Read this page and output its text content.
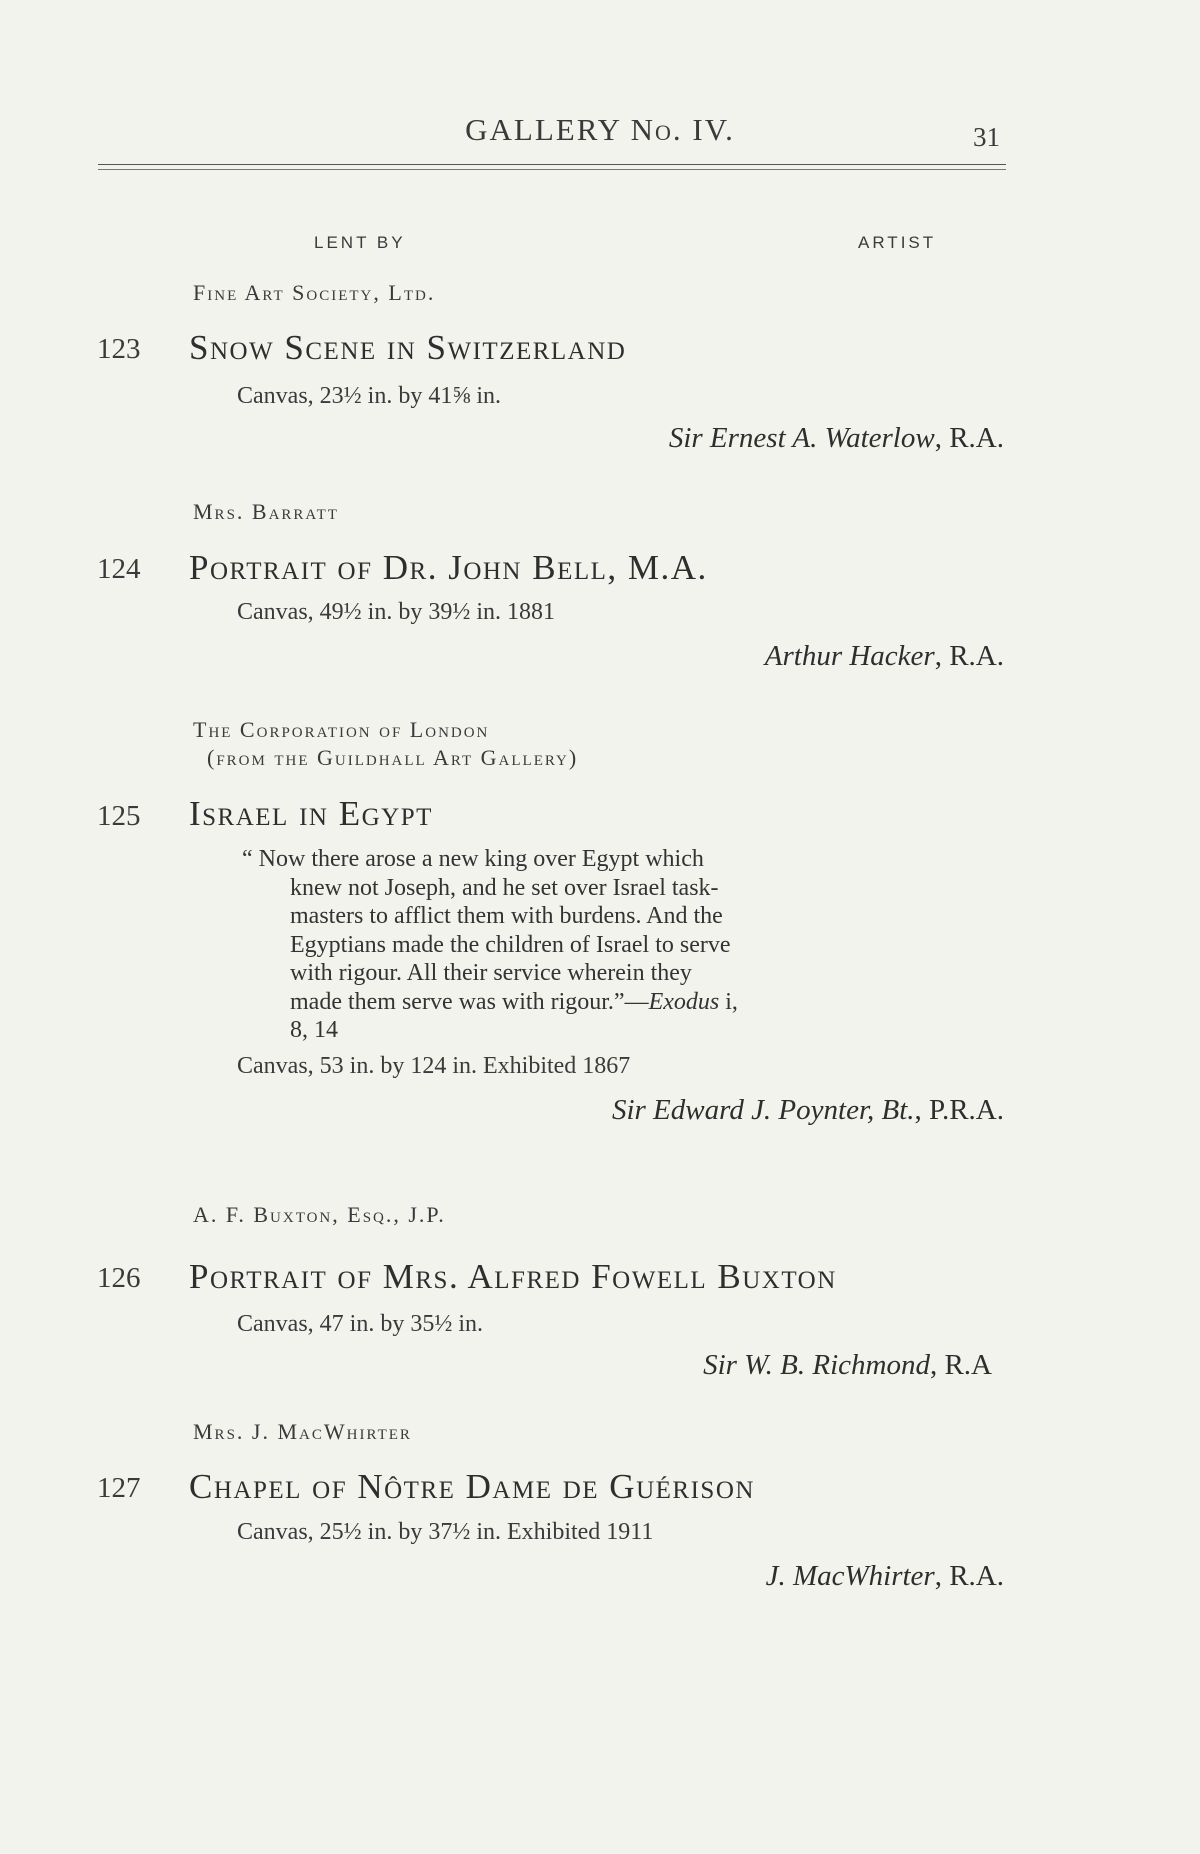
GALLERY No. IV.	31
LENT BY	ARTIST
Fine Art Society, Ltd.
123 Snow Scene in Switzerland
Canvas, 23½ in. by 41⅝ in.
Sir Ernest A. Waterlow, R.A.
Mrs. Barratt
124 Portrait of Dr. John Bell, M.A.
Canvas, 49½ in. by 39½ in. 1881
Arthur Hacker, R.A.
The Corporation of London
(from the Guildhall Art Gallery)
125 Israel in Egypt
“ Now there arose a new king over Egypt which
knew not Joseph, and he set over Israel task-
masters to afflict them with burdens. And the
Egyptians made the children of Israel to serve
with rigour. All their service wherein they
made them serve was with rigour.”—Exodus i,
8, 14
Canvas, 53 in. by 124 in. Exhibited 1867
Sir Edward J. Poynter, Bt., P.R.A.
A. F. Buxton, Esq., J.P.
126 Portrait of Mrs. Alfred Fowell Buxton
Canvas, 47 in. by 35½ in.
Sir W. B. Richmond, R.A
Mrs. J. MacWhirter
127 Chapel of Nôtre Dame de Guérison
Canvas, 25½ in. by 37½ in. Exhibited 1911
J. MacWhirter, R.A.
